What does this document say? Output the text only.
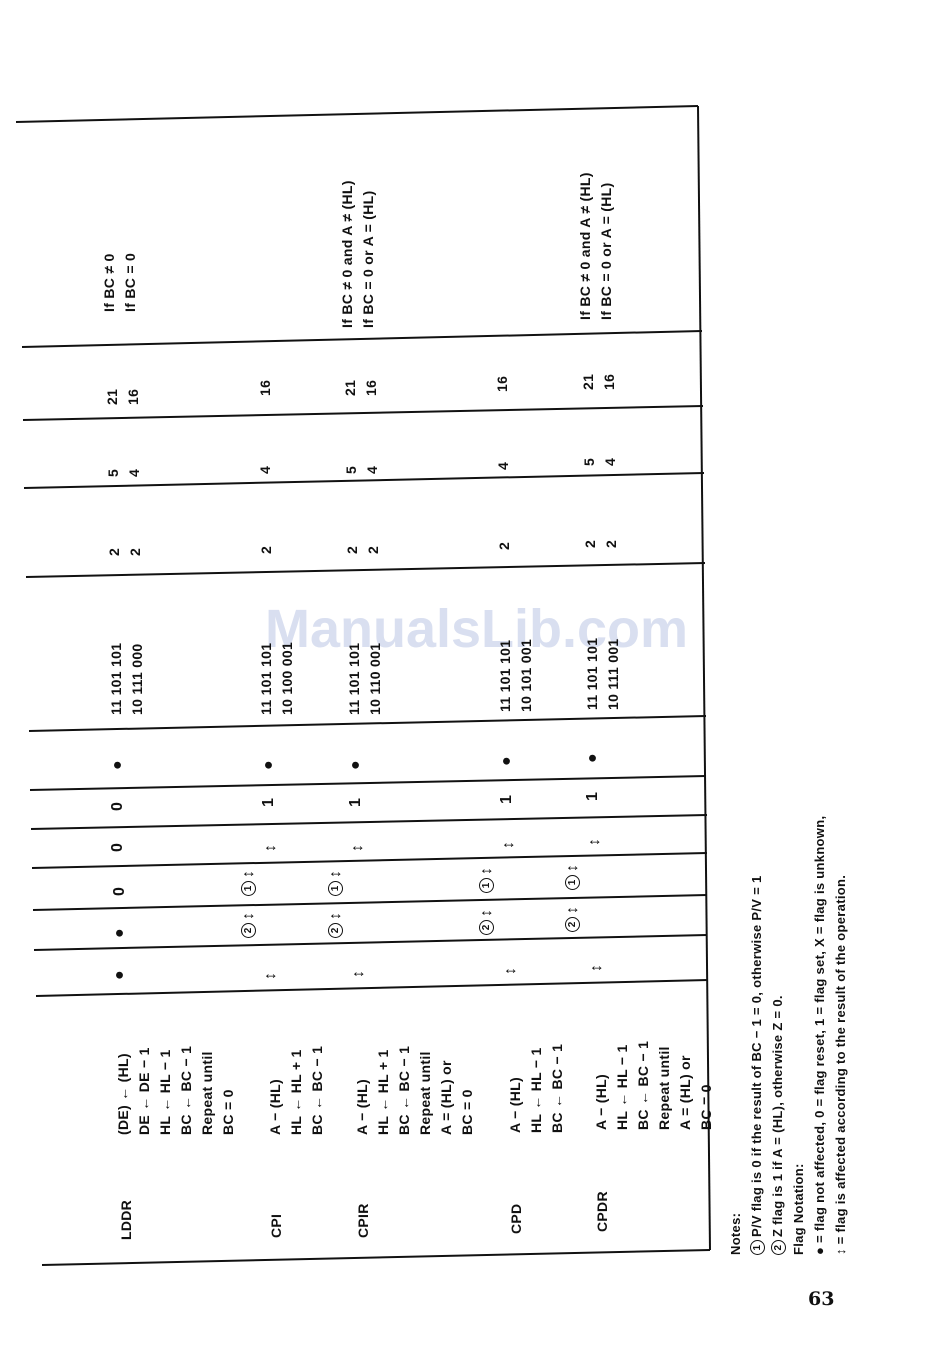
ManualsLib.com
LDDR
(DE) ← (HL) DE ← DE − 1 HL ← HL − 1 BC ← BC − 1 Repeat until BC = 0
●
●
0
0
0
●
11 101 101 10 111 000
2 2
5 4
21 16
If BC ≠ 0 If BC = 0
CPI
A − (HL) HL ← HL + 1 BC ← BC − 1
↕
2↕
1↕
↕
1
●
11 101 101 10 100 001
2
4
16
CPIR
A − (HL) HL ← HL + 1 BC ← BC − 1 Repeat until A = (HL) or BC = 0
↕
2↕
1↕
↕
1
●
11 101 101 10 110 001
2 2
5 4
21 16
If BC ≠ 0 and A ≠ (HL) If BC = 0 or A = (HL)
CPD
A − (HL) HL ← HL − 1 BC ← BC − 1
↕
2↕
1↕
↕
1
●
11 101 101 10 101 001
2
4
16
CPDR
A − (HL) HL ← HL − 1 BC ← BC − 1 Repeat until A = (HL) or BC = 0
↕
2↕
1↕
↕
1
●
11 101 101 10 111 001
2 2
5 4
21 16
If BC ≠ 0 and A ≠ (HL) If BC = 0 or A = (HL)
Notes: 1P/V flag is 0 if the result of BC − 1 = 0, otherwise P/V = 1
2Z flag is 1 if A = (HL), otherwise Z = 0. Flag Notation: ● = flag not affected, 0 = flag reset, 1 = flag set, X = flag is unknown, ↕ = flag is affected according to the result of the operation.
63
